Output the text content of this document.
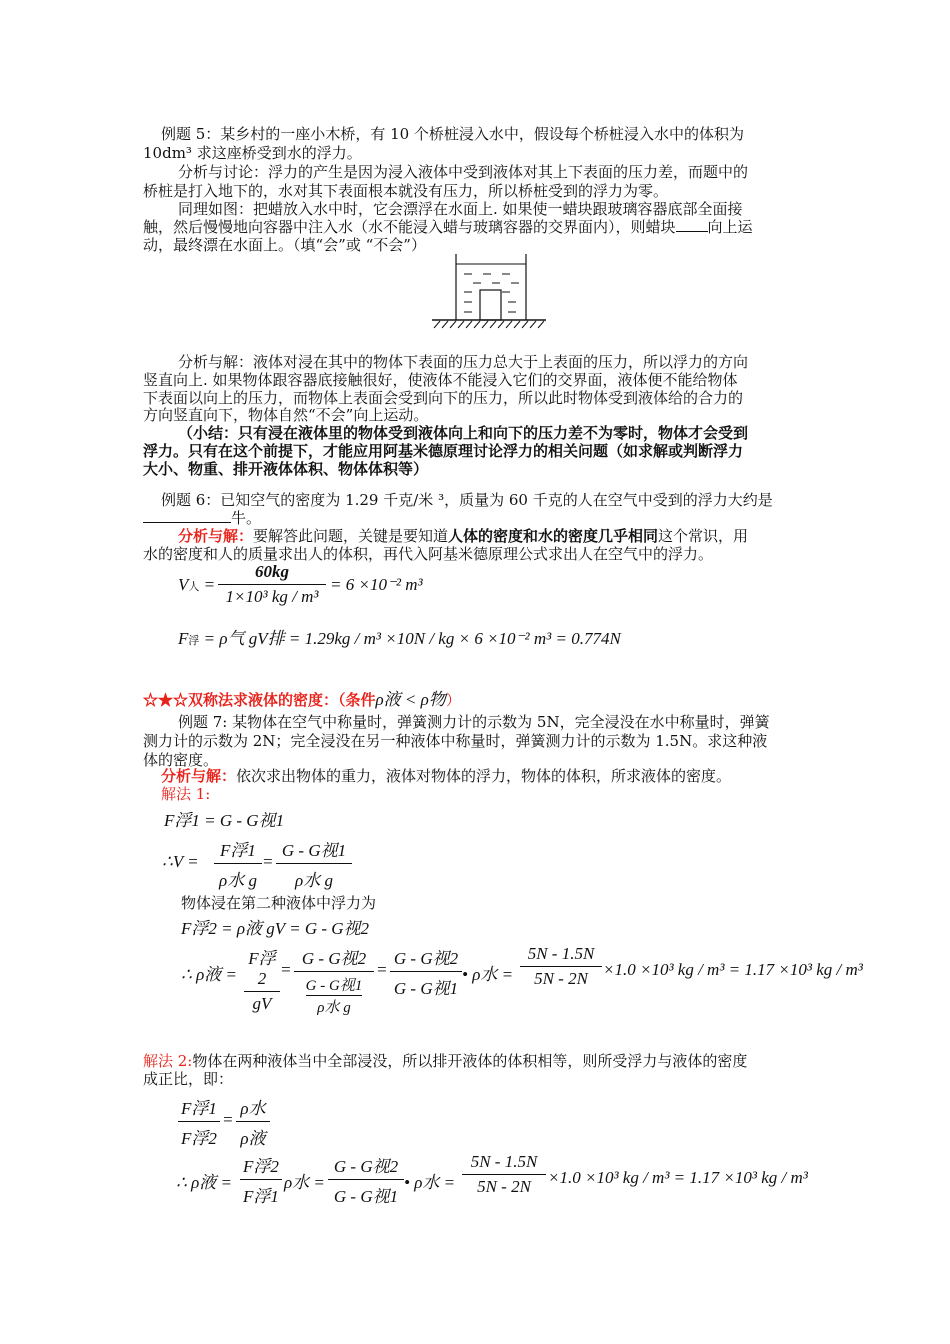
例题 5：某乡村的一座小木桥，有 10 个桥桩浸入水中，假设每个桥桩浸入水中的体积为
10dm³ 求这座桥受到水的浮力。
分析与讨论：浮力的产生是因为浸入液体中受到液体对其上下表面的压力差，而题中的
桥桩是打入地下的，水对其下表面根本就没有压力，所以桥桩受到的浮力为零。
同理如图：把蜡放入水中时，它会漂浮在水面上. 如果使一蜡块跟玻璃容器底部全面接
触，然后慢慢地向容器中注入水（水不能浸入蜡与玻璃容器的交界面内），则蜡块 向上运
动，最终漂在水面上。（填“会”或 “不会”）
分析与解：液体对浸在其中的物体下表面的压力总大于上表面的压力，所以浮力的方向
竖直向上. 如果物体跟容器底接触很好，使液体不能浸入它们的交界面，液体便不能给物体
下表面以向上的压力，而物体上表面会受到向下的压力，所以此时物体受到液体给的合力的
方向竖直向下，物体自然“不会”向上运动。
（小结：只有浸在液体里的物体受到液体向上和向下的压力差不为零时，物体才会受到
浮力。只有在这个前提下，才能应用阿基米德原理讨论浮力的相关问题（如求解或判断浮力
大小、物重、排开液体体积、物体体积等）
例题 6：已知空气的密度为 1.29 千克/米 ³，质量为 60 千克的人在空气中受到的浮力大约是
牛。
分析与解：要解答此问题，关键是要知道人体的密度和水的密度几乎相同这个常识，用
水的密度和人的质量求出人的体积，再代入阿基米德原理公式求出人在空气中的浮力。
V人 =
60kg
1×10³ kg / m³
= 6 ×10⁻² m³
F浮 = ρ气 gV排 = 1.29kg / m³ ×10N / kg × 6 ×10⁻² m³ = 0.774N
☆★☆双称法求液体的密度：（条件ρ液 < ρ物）
例题 7: 某物体在空气中称量时，弹簧测力计的示数为 5N，完全浸没在水中称量时，弹簧
测力计的示数为 2N；完全浸没在另一种液体中称量时，弹簧测力计的示数为 1.5N。求这种液
体的密度。
分析与解：依次求出物体的重力，液体对物体的浮力，物体的体积，所求液体的密度。
解法 1:
F浮1 = G - G视1
∴V =
F浮1
ρ水 g
=
G - G视1
ρ水 g
物体浸在第二种液体中浮力为
F浮2 = ρ液 gV = G - G视2
∴ ρ液 =
F浮2
gV
=
G - G视2
G - G视1
ρ水 g
=
G - G视2
G - G视1
• ρ水 =
5N - 1.5N
5N - 2N ×1.0 ×10³ kg / m³ = 1.17 ×10³ kg / m³
解法 2:物体在两种液体当中全部浸没，所以排开液体的体积相等，则所受浮力与液体的密度
成正比，即：
F浮1
F浮2
=
ρ水
ρ液
∴ ρ液 =
F浮2
F浮1
ρ水 =
G - G视2
G - G视1
• ρ水 =
5N - 1.5N
5N - 2N	×1.0 ×10³ kg / m³ = 1.17 ×10³ kg / m³
